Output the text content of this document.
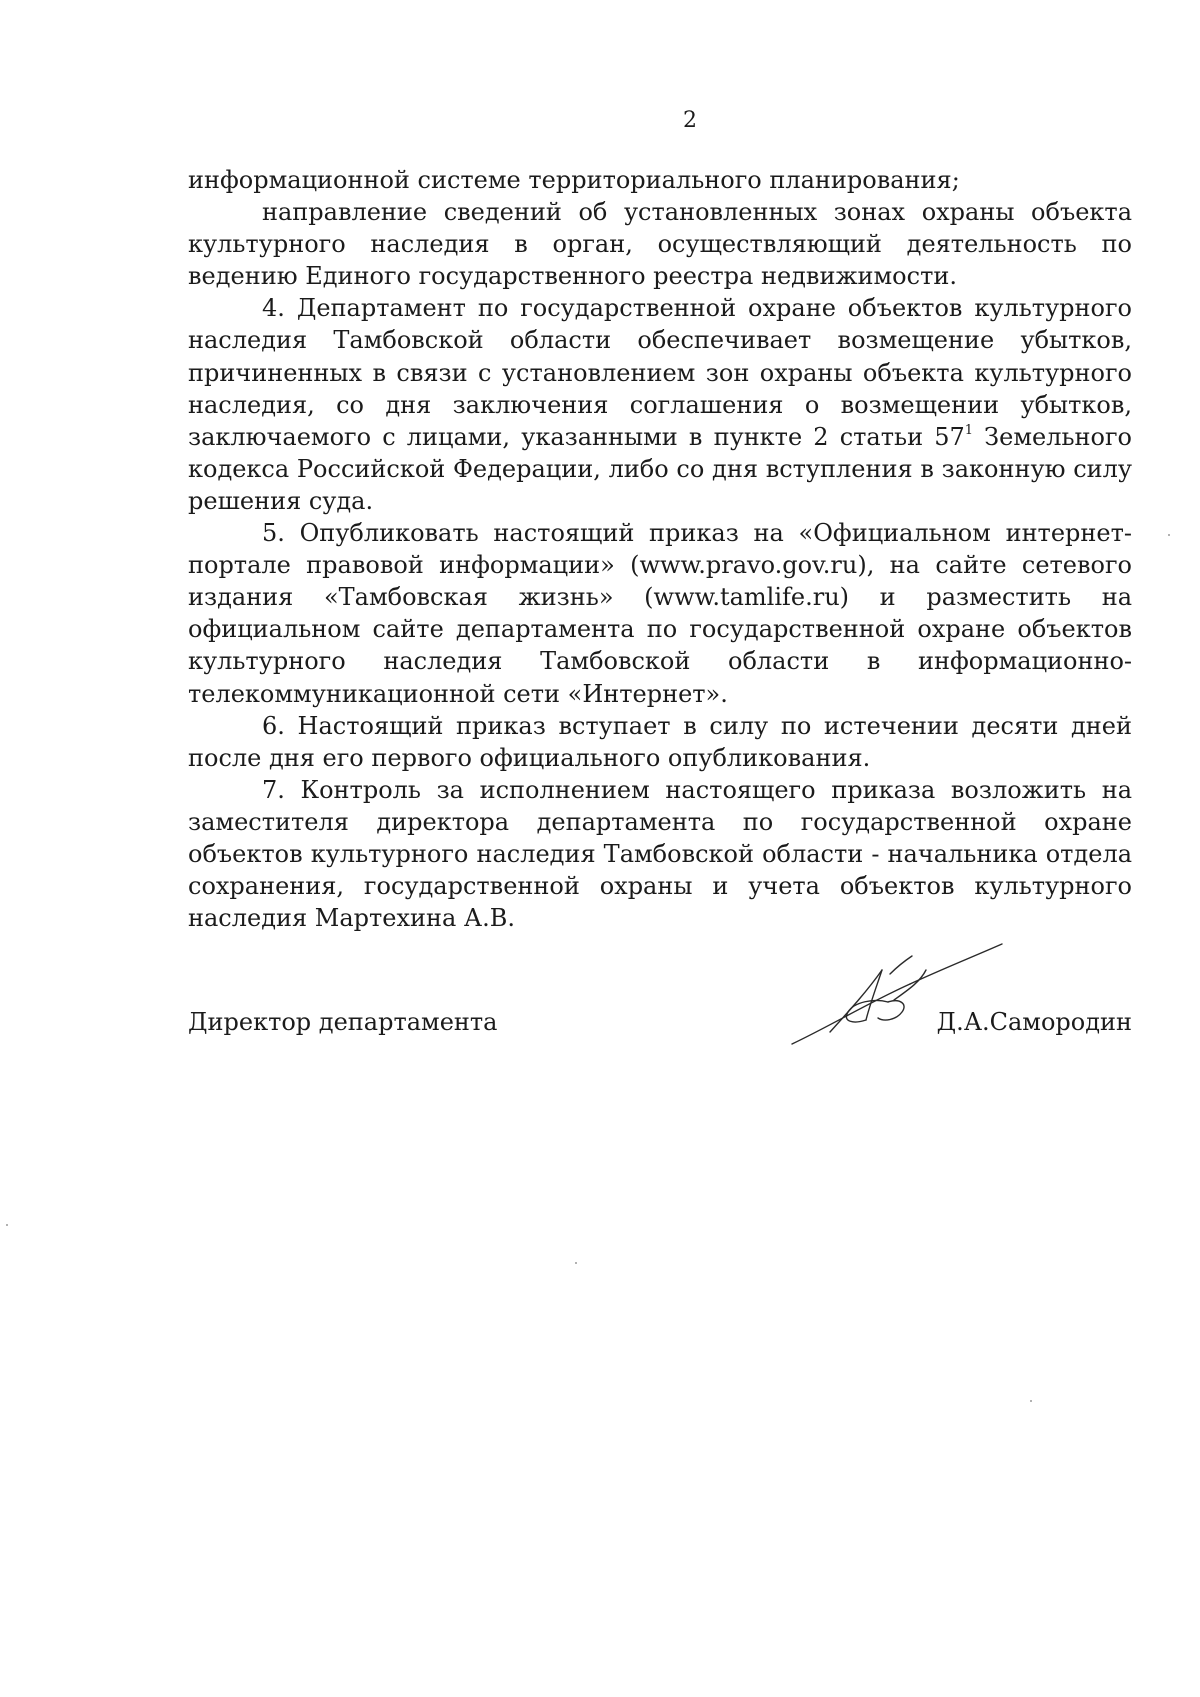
2

информационной системе территориального планирования;

направление сведений об установленных зонах охраны объекта культурного наследия в орган, осуществляющий деятельность по ведению Единого государственного реестра недвижимости.

4. Департамент по государственной охране объектов культурного наследия Тамбовской области обеспечивает возмещение убытков, причиненных в связи с установлением зон охраны объекта культурного наследия, со дня заключения соглашения о возмещении убытков, заключаемого с лицами, указанными в пункте 2 статьи $57^1$ Земельного кодекса Российской Федерации, либо со дня вступления в законную силу решения суда.

5. Опубликовать настоящий приказ на «Официальном интернет-портале правовой информации» (www.pravo.gov.ru), на сайте сетевого издания «Тамбовская жизнь» (www.tamlife.ru) и разместить на официальном сайте департамента по государственной охране объектов культурного наследия Тамбовской области в информационно-телекоммуникационной сети «Интернет».

6. Настоящий приказ вступает в силу по истечении десяти дней после дня его первого официального опубликования.

7. Контроль за исполнением настоящего приказа возложить на заместителя директора департамента по государственной охране объектов культурного наследия Тамбовской области - начальника отдела сохранения, государственной охраны и учета объектов культурного наследия Мартехина А.В.

Директор департамента	Д.А.Самородин
